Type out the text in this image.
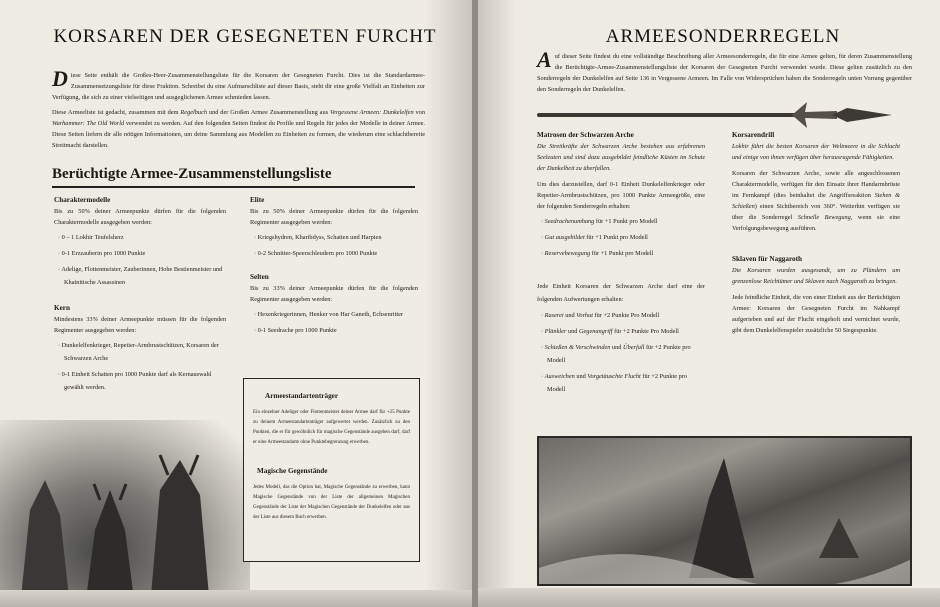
KORSAREN DER GESEGNETEN FURCHT

Diese Seite enthält die Großes-Heer-Zusammenstellungsliste für die Korsaren der Gesegneten Furcht. Dies ist die Standardarmee-Zusammensetzungsliste für diese Fraktion. Schreibst du eine Aufmarschliste auf dieser Basis, steht dir eine große Vielfalt an Einheiten zur Verfügung, die sich zu einer vielseitigen und ausgeglichenen Armee schmieden lassen.

Diese Armeeliste ist gedacht, zusammen mit dem Regelbuch und der Großen Armee Zusammenstellung aus Vergessene Armeen: Dunkelelfen von Warhammer: The Old World verwendet zu werden. Auf den folgenden Seiten findest du Profile und Regeln für jedes der Modelle in deiner Armee. Diese Seiten liefern dir alle nötigen Informationen, um deine Sammlung aus Modellen zu Einheiten zu formen, die wiederum eine schlachtbereite Streitmacht darstellen.

Berüchtigte Armee-Zusammenstellungsliste
Charaktermodelle

Bis zu 50% deiner Armeepunkte dürfen für die folgenden Charaktermodelle ausgegeben werden:

· 0 – 1 Lokhir Teufelsherz
· 0-1 Erzzauberin pro 1000 Punkte
· Adelige, Flottenmeister, Zauberinnen, Hohe Bestienmeister und Khainitische Assassinen
Kern

Mindestens 33% deiner Armeepunkte müssen für die folgenden Regimenter ausgegeben werden:

· Dunkelelfenkrieger, Repetier-Armbrustschützen, Korsaren der Schwarzen Arche
· 0-1 Einheit Schatten pro 1000 Punkte darf als Kernauswahl gewählt werden.
Elite

Bis zu 50% deiner Armeepunkte dürfen für die folgenden Regimenter ausgegeben werden:

· Kriegshydren, Kharibdyss, Schatten und Harpien
· 0-2 Schnitter-Speerschleudern pro 1000 Punkte
Selten

Bis zu 33% deiner Armeepunkte dürfen für die folgenden Regimenter ausgegeben werden:

· Hexenkriegerinnen, Henker von Har Ganeth, Echsenritter
· 0-1 Seedrache pro 1000 Punkte
Armeestandartenträger

Ein einzelner Adeliger oder Flottenmeister deiner Armee darf für +25 Punkte zu deinem Armeestandartenträger aufgewertet werden. Zusätzlich zu den Punkten, die er für gewöhnlich für magische Gegenstände ausgeben darf, darf er eine Armeestandarte ohne Punktebegrenzung erwerben.

Magische Gegenstände

Jedes Modell, das die Option hat, Magische Gegenstände zu erwerben, kann Magische Gegenstände von der Liste der allgemeinen Magischen Gegenstände der Liste der Magischen Gegenstände der Dunkelelfen oder aus der Liste aus diesem Buch erwerben.

ARMEESONDERREGELN

Auf dieser Seite findest du eine vollständige Beschreibung aller Armeesonderregeln, die für eine Armee gelten, für deren Zusammenstellung die Berüchtigte-Armee-Zusammenstellungsliste der Korsaren der Gesegneten Furcht verwendet wurde. Diese gelten zusätzlich zu den Sonderregeln der Dunkelelfen auf Seite 136 in Vergessene Armeen. Im Falle von Widersprüchen haben die Sonderregeln unten Vorrang gegenüber den Sonderregeln der Dunkelelfen.

Matrosen der Schwarzen Arche

Die Streitkräfte der Schwarzen Arche bestehen aus erfahrenen Seeleuten und sind dazu ausgebildet feindliche Küsten im Schutz der Dunkelheit zu überfallen.

Um dies darzustellen, darf 0-1 Einheit Dunkelelfenkrieger oder Repetier-Armbrustschützen, pro 1000 Punkte Armeegröße, eine der folgenden Sonderregeln erhalten:

· Seedrachenumhang für +1 Punkt pro Modell
· Gut ausgebildet für +1 Punkt pro Modell
· Reservebewegung für +1 Punkt pro Modell

Jede Einheit Korsaren der Schwarzen Arche darf eine der folgenden Aufwertungen erhalten:

· Raserei und Vorhut für +2 Punkte Pro Modell
· Plänkler und Gegenangriff für +2 Punkte Pro Modell
· Schießen & Verschwinden und Überfall für +2 Punkte pro Modell
· Ausweichen und Vorgetäuschte Flucht für +2 Punkte pro Modell
Korsarendrill

Lokhir führt die besten Korsaren der Weltmeere in die Schlacht und einige von ihnen verfügen über herausragende Fähigkeiten.

Korsaren der Schwarzen Arche, sowie alle angeschlossenen Charaktermodelle, verfügen für den Einsatz ihrer Handarmbrüste im Fernkampf (dies beinhaltet die Angriffsreaktion Stehen & Schießen) einen Sichtbereich von 360°. Weiterhin verfügen sie über die Sonderregel Schnelle Bewegung, wenn sie eine Verfolgungsbewegung ausführen.

Sklaven für Naggaroth

Die Korsaren wurden ausgesandt, um zu Plündern um grenzenlose Reichtümer und Sklaven nach Naggaroth zu bringen.

Jede feindliche Einheit, die von einer Einheit aus der Berüchtigten Armee: Korsaren der Gesegneten Furcht im Nahkampf aufgerieben und auf der Flucht eingeholt und vernichtet wurde, gibt dem Dunkelelfenspieler zusätzliche 50 Siegespunkte.
